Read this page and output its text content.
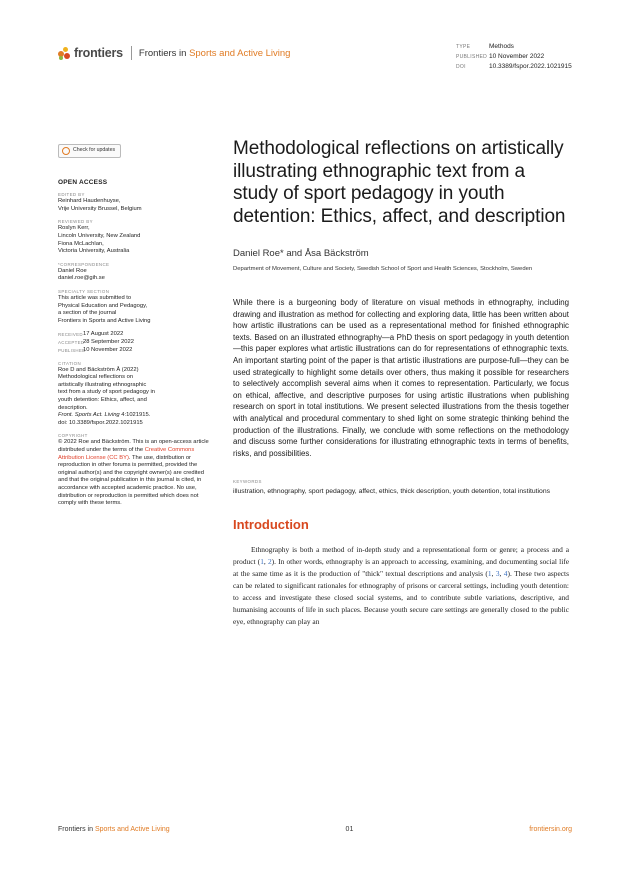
frontiers Frontiers in Sports and Active Living
TYPE	Methods
PUBLISHED 10 November 2022
DOI	10.3389/fspor.2022.1021915
Check for updates
OPEN ACCESS
EDITED BY
Reinhard Haudenhuyse,
Vrije University Brussel, Belgium
REVIEWED BY
Roslyn Kerr,
Lincoln University, New Zealand
Fiona McLachlan,
Victoria University, Australia
*CORRESPONDENCE
Daniel Roe
daniel.roe@gih.se
SPECIALTY SECTION
This article was submitted to
Physical Education and Pedagogy,
a section of the journal
Frontiers in Sports and Active Living
RECEIVED 17 August 2022
ACCEPTED
28 September 2022
PUBLISHED
10 November 2022
CITATION
Roe D and Bäckström Å (2022)
Methodological reflections on
artistically illustrating ethnographic
text from a study of sport pedagogy in
youth detention: Ethics, affect, and
description.
Front. Sports Act. Living 4:1021915.
doi: 10.3389/fspor.2022.1021915
COPYRIGHT
© 2022 Roe and Bäckström. This is an open-access article distributed under the terms of the Creative Commons Attribution License (CC BY). The use, distribution or reproduction in other forums is permitted, provided the original author(s) and the copyright owner(s) are credited and that the original publication in this journal is cited, in accordance with accepted academic practice. No use, distribution or reproduction is permitted which does not comply with these terms.
Methodological reflections on artistically illustrating ethnographic text from a study of sport pedagogy in youth detention: Ethics, affect, and description
Daniel Roe* and Åsa Bäckström
Department of Movement, Culture and Society, Swedish School of Sport and Health Sciences, Stockholm, Sweden

While there is a burgeoning body of literature on visual methods in ethnography, including drawing and illustration as method for collecting and exploring data, little has been written about how artistic illustrations can be used as a representational method for finished ethnographic texts. Based on an illustrated ethnography—a PhD thesis on sport pedagogy in youth detention—this paper explores what artistic illustrations can do for representations of ethnographic texts. An important starting point of the paper is that artistic illustrations are purpose-full—they can be used strategically to highlight some details over others, thus making it possible for researchers to selectively accomplish several aims when it comes to representation. Particularly, we focus on ethical, affective, and descriptive purposes for using artistic illustrations when publishing research on sport in total institutions. We present selected illustrations from the thesis together with analytical and procedural commentary to shed light on some strategic thinking behind the production of the illustrations. Finally, we conclude with some reflections on the methodology and discuss some further considerations for illustrating ethnographic texts in terms of benefits, risks, and possibilities.

KEYWORDS
illustration, ethnography, sport pedagogy, affect, ethics, thick description, youth detention, total institutions
Introduction

Ethnography is both a method of in-depth study and a representational form or genre; a process and a product (1, 2). In other words, ethnography is an approach to accessing, examining, and documenting social life at the same time as it is the production of "thick" textual descriptions and analysis (1, 3, 4). These two aspects can be related to significant rationales for ethnography of prisons or carceral settings, including youth detention: to access and investigate these closed social systems, and to contribute subtle variations, descriptive, and humanising accounts of life in such places. Because youth secure care settings are generally closed to the public eye, ethnography can play an

Frontiers in Sports and Active Living	01	frontiersin.org
